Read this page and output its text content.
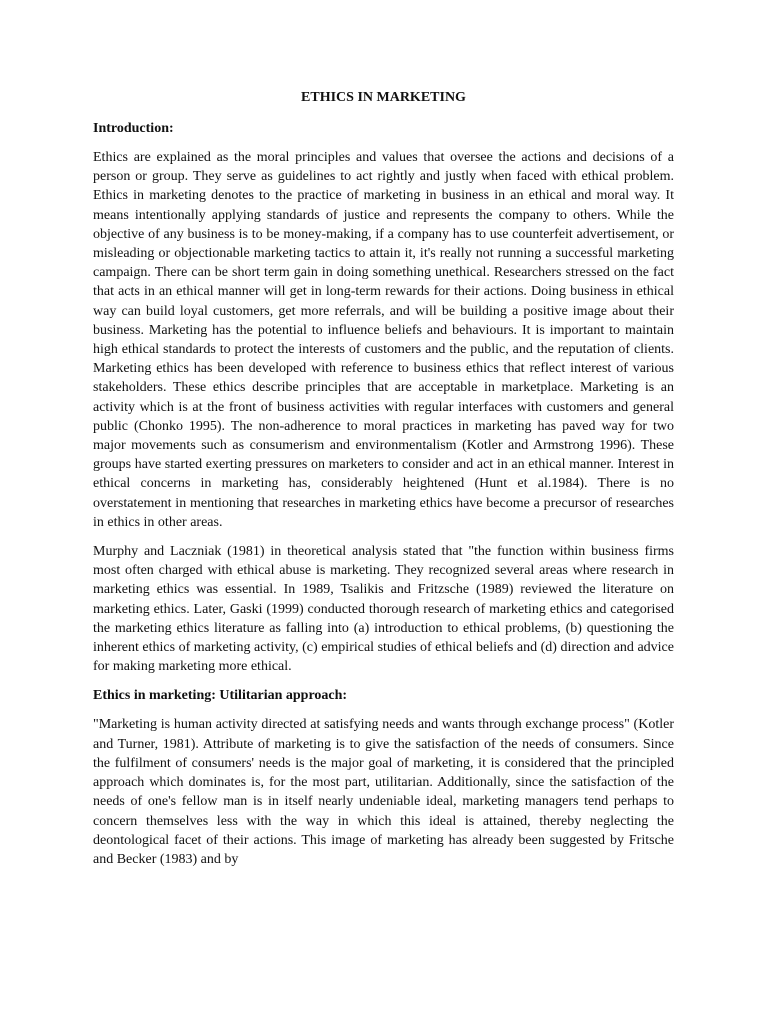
ETHICS IN MARKETING
Introduction:

Ethics are explained as the moral principles and values that oversee the actions and decisions of a person or group. They serve as guidelines to act rightly and justly when faced with ethical problem. Ethics in marketing denotes to the practice of marketing in business in an ethical and moral way. It means intentionally applying standards of justice and represents the company to others. While the objective of any business is to be money-making, if a company has to use counterfeit advertisement, or misleading or objectionable marketing tactics to attain it, it's really not running a successful marketing campaign. There can be short term gain in doing something unethical. Researchers stressed on the fact that acts in an ethical manner will get in long-term rewards for their actions. Doing business in ethical way can build loyal customers, get more referrals, and will be building a positive image about their business. Marketing has the potential to influence beliefs and behaviours. It is important to maintain high ethical standards to protect the interests of customers and the public, and the reputation of clients. Marketing ethics has been developed with reference to business ethics that reflect interest of various stakeholders. These ethics describe principles that are acceptable in marketplace. Marketing is an activity which is at the front of business activities with regular interfaces with customers and general public (Chonko 1995). The non-adherence to moral practices in marketing has paved way for two major movements such as consumerism and environmentalism (Kotler and Armstrong 1996). These groups have started exerting pressures on marketers to consider and act in an ethical manner. Interest in ethical concerns in marketing has, considerably heightened (Hunt et al.1984). There is no overstatement in mentioning that researches in marketing ethics have become a precursor of researches in ethics in other areas.

Murphy and Laczniak (1981) in theoretical analysis stated that "the function within business firms most often charged with ethical abuse is marketing. They recognized several areas where research in marketing ethics was essential. In 1989, Tsalikis and Fritzsche (1989) reviewed the literature on marketing ethics. Later, Gaski (1999) conducted thorough research of marketing ethics and categorised the marketing ethics literature as falling into (a) introduction to ethical problems, (b) questioning the inherent ethics of marketing activity, (c) empirical studies of ethical beliefs and (d) direction and advice for making marketing more ethical.

Ethics in marketing: Utilitarian approach:

"Marketing is human activity directed at satisfying needs and wants through exchange process" (Kotler and Turner, 1981). Attribute of marketing is to give the satisfaction of the needs of consumers. Since the fulfilment of consumers' needs is the major goal of marketing, it is considered that the principled approach which dominates is, for the most part, utilitarian. Additionally, since the satisfaction of the needs of one's fellow man is in itself nearly undeniable ideal, marketing managers tend perhaps to concern themselves less with the way in which this ideal is attained, thereby neglecting the deontological facet of their actions. This image of marketing has already been suggested by Fritsche and Becker (1983) and by
